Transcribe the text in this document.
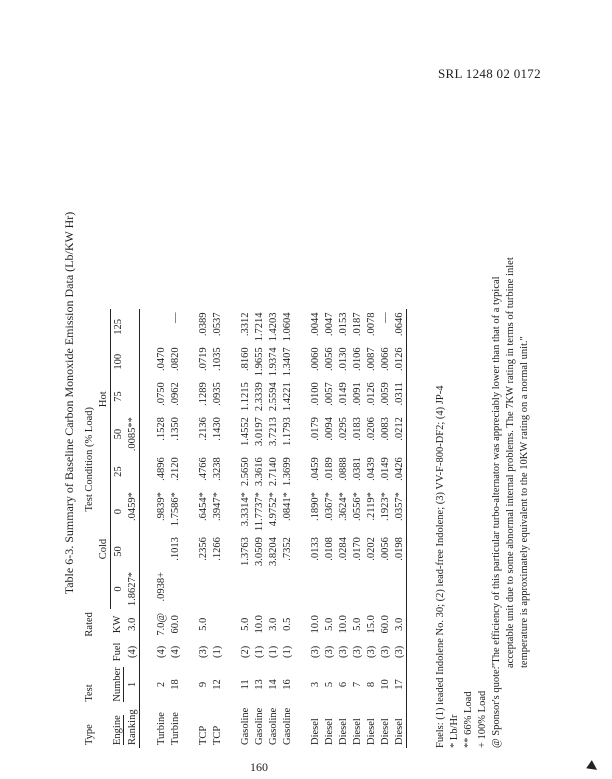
SRL 1248 02 0172
Table 6-3. Summary of Baseline Carbon Monoxide Emission Data (Lb/KW Hr)
Type	Test		Rated	Test Condition (% Load)							
				Cold			Hot				
Engine	Number	Fuel	KW	0	50	0	25	50	75	100	125
Ranking	1	(4)	3.0	1.8627*		.0459*		.0085**			

Turbine	2	(4)	7.0@	.0938+		.9839*	.4896	.1528	.0750	.0470	
Turbine	18	(4)	60.0		.1013	1.7586*	.2120	.1350	.0962	.0820	—

TCP	9	(3)	5.0		.2356	.6454*	.4766	.2136	.1289	.0719	.0389
TCP	12	(1)			.1266	.3947*	.3238	.1430	.0935	.1035	.0537

Gasoline	11	(2)	5.0		1.3763	3.3314*	2.5650	1.4552	1.1215	.8160	.3312
Gasoline	13	(1)	10.0		3.0509	11.7737*	3.3616	3.0197	2.3339	1.9655	1.7214
Gasoline	14	(1)	3.0		3.8204	4.9752*	2.7140	3.7213	2.5594	1.9374	1.4203
Gasoline	16	(1)	0.5		.7352	.0841*	1.3699	1.1793	1.4221	1.3407	1.0604

Diesel	3	(3)	10.0		.0133	.1890*	.0459	.0179	.0100	.0060	.0044
Diesel	5	(3)	5.0		.0108	.0367*	.0189	.0094	.0057	.0056	.0047
Diesel	6	(3)	10.0		.0284	.3624*	.0888	.0295	.0149	.0130	.0153
Diesel	7	(3)	5.0		.0170	.0556*	.0381	.0183	.0091	.0106	.0187
Diesel	8	(3)	15.0		.0202	.2119*	.0439	.0206	.0126	.0087	.0078
Diesel	10	(3)	60.0		.0056	.1923*	.0149	.0083	.0059	.0066	—
Diesel	17	(3)	3.0		.0198	.0357*	.0426	.0212	.0311	.0126	.0646
Fuels: (1) leaded Indolene No. 30; (2) lead-free Indolene; (3) VV-F-800-DF2; (4) JP-4 * Lb/Hr ** 66% Load + 100% Load @ Sponsor's quote:
"The efficiency of this particular turbo-alternator was appreciably lower than that of a typical acceptable unit due to some abnormal internal problems. The 7KW rating in terms of turbine inlet temperature is approximately equivalent to the 10KW rating on a normal unit."
160
